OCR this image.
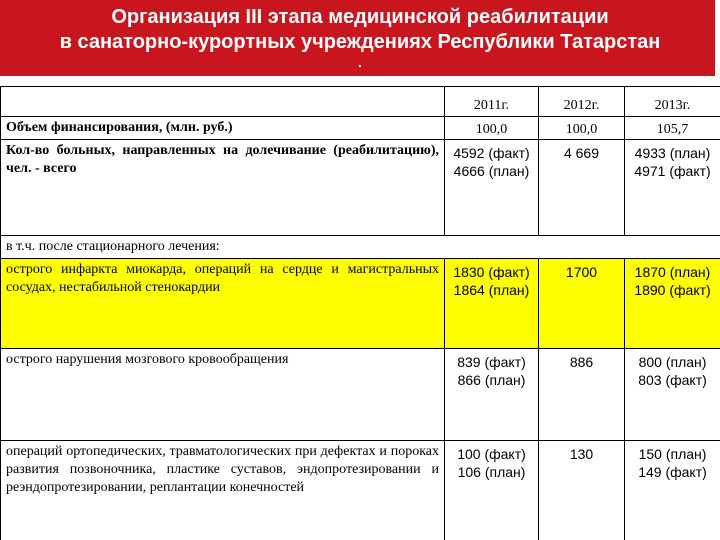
Организация III этапа медицинской реабилитации
в санаторно-курортных учреждениях Республики Татарстан
.
	2011г.	2012г.	2013г.
Объем финансирования, (млн. руб.)	100,0	100,0	105,7
Кол-во больных, направленных на долечивание (реабилитацию), чел. - всего	4592 (факт) 4666 (план)	4 669	4933 (план) 4971 (факт)
в т.ч. после стационарного лечения:			
острого инфаркта миокарда, операций на сердце и магистральных сосудах, нестабильной стенокардии	1830 (факт) 1864 (план)	1700	1870 (план) 1890 (факт)
острого нарушения мозгового кровообращения	839 (факт) 866 (план)	886	800 (план) 803 (факт)
операций ортопедических, травматологических при дефектах и пороках развития позвоночника, пластике суставов, эндопротезировании и реэндопротезировании, реплантации конечностей	100 (факт) 106 (план)	130	150 (план) 149 (факт)
